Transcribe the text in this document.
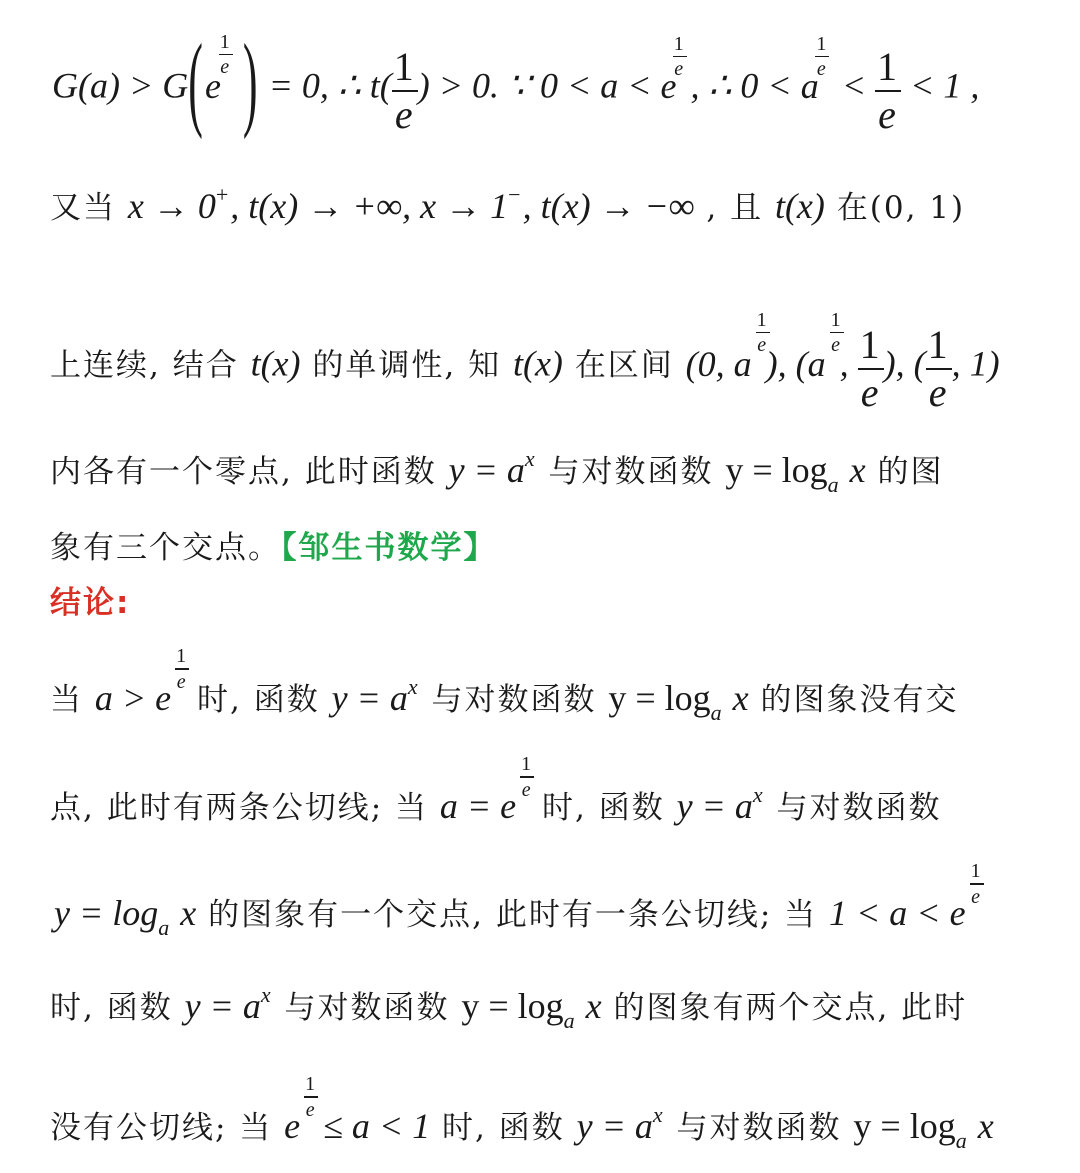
G(a) > G(e
1
e ) = 0, ∴ $t( \frac{1}{e}$ ) > 0. ∵ 0 < a < e
1
e , ∴ 0 < a
1
$e < \frac{1}{e} < 1$ ,
又当 x → 0+, t(x) → +∞, x → 1−, t(x) → −∞ , 且 t(x) 在(0, 1)
上连续, 结合 t(x) 的单调性, 知 t(x) 在区间 (0, a
1
e
), (a
1
e
, $\frac{1}{e}$ ), ( $\frac{1}{e}$ , 1)
内各有一个零点, 此时函数 $y = a^x$ 与对数函数 $y = \log_a x$ 的图
象有三个交点。【邹生书数学】
结论:
当 a > e
1
e
时, 函数 $y = a^x$ 与对数函数 $y = \log_a x$ 的图象没有交
点, 此时有两条公切线; 当 a = e
1
e
时, 函数 $y = a^x$ 与对数函数
$y = \log_a x$ 的图象有一个交点, 此时有一条公切线; 当 1 < a < e
1
e
时, 函数 $y = a^x$ 与对数函数 $y = \log_a x$ 的图象有两个交点, 此时
没有公切线; 当 e
1
e
≤ a < 1 时, 函数 $y = a^x$ 与对数函数 $y = \log_a x$
